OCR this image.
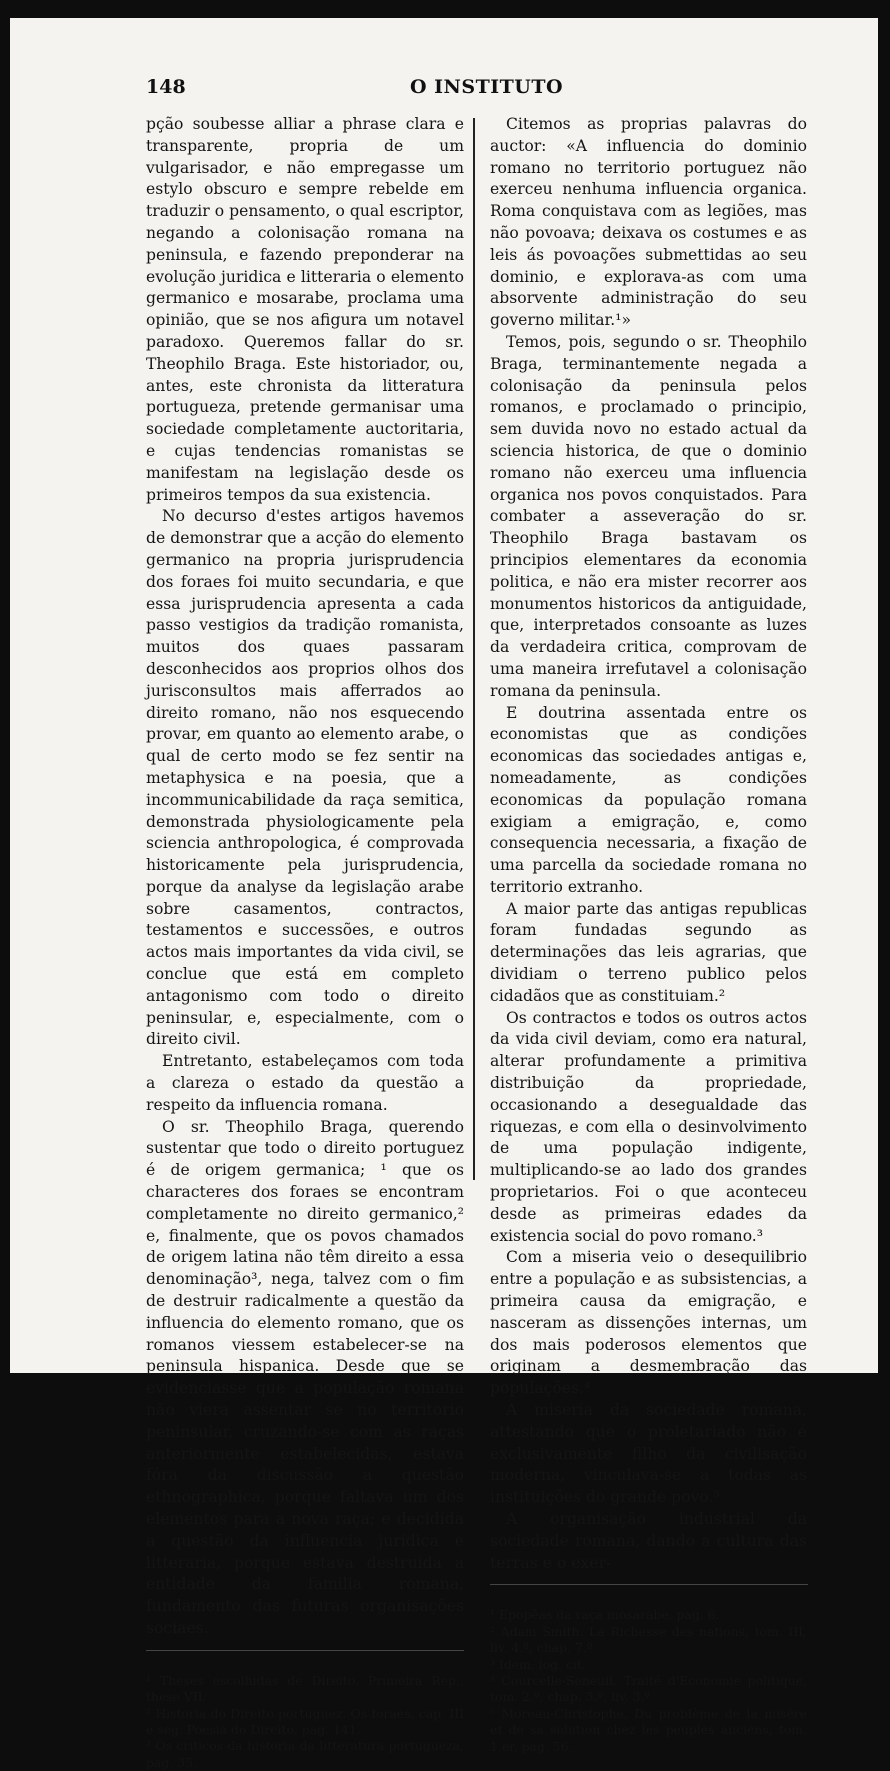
148	O INSTITUTO

pção soubesse alliar a phrase clara e transparente, propria de um vulgarisador, e não empregasse um estylo obscuro e sempre rebelde em traduzir o pensamento, o qual escriptor, negando a colonisação romana na peninsula, e fazendo preponderar na evolução juridica e litteraria o elemento germanico e mosarabe, proclama uma opinião, que se nos afigura um notavel paradoxo. Queremos fallar do sr. Theophilo Braga. Este historiador, ou, antes, este chronista da litteratura portugueza, pretende germanisar uma sociedade completamente auctoritaria, e cujas tendencias romanistas se manifestam na legislação desde os primeiros tempos da sua existencia.

No decurso d'estes artigos havemos de demonstrar que a acção do elemento germanico na propria jurisprudencia dos foraes foi muito secundaria, e que essa jurisprudencia apresenta a cada passo vestigios da tradição romanista, muitos dos quaes passaram desconhecidos aos proprios olhos dos jurisconsultos mais afferrados ao direito romano, não nos esquecendo provar, em quanto ao elemento arabe, o qual de certo modo se fez sentir na metaphysica e na poesia, que a incommunicabilidade da raça semitica, demonstrada physiologicamente pela sciencia anthropologica, é comprovada historicamente pela jurisprudencia, porque da analyse da legislação arabe sobre casamentos, contractos, testamentos e successões, e outros actos mais importantes da vida civil, se conclue que está em completo antagonismo com todo o direito peninsular, e, especialmente, com o direito civil.

Entretanto, estabeleçamos com toda a clareza o estado da questão a respeito da influencia romana.

O sr. Theophilo Braga, querendo sustentar que todo o direito portuguez é de origem germanica; ¹ que os characteres dos foraes se encontram completamente no direito germanico,² e, finalmente, que os povos chamados de origem latina não têm direito a essa denominação³, nega, talvez com o fim de destruir radicalmente a questão da influencia do elemento romano, que os romanos viessem estabelecer-se na peninsula hispanica. Desde que se evidenciasse que a população romana não viera assentar se no territorio peninsular, cruzando-se com as raças anteriormente estabelecidas, estava fóra da discussão a questão ethnographica, porque faltava um dos elementos para a nova raça; e decidida a questão da influencia juridica e litteraria, porque estava destruida a entidade da familia romana, fundamento das futuras organisações sociaes.

¹ Theses escolhidas de Direito. Primeira Rep., these VII.

² Historia do Direito portuguez. Os foraes, cap. III e seg. Poesia do Direito, pag. 141.

³ Os criticos da historia da litteratura portugueza, pag. 35.

Citemos as proprias palavras do auctor: «A influencia do dominio romano no territorio portuguez não exerceu nenhuma influencia organica. Roma conquistava com as legiões, mas não povoava; deixava os costumes e as leis ás povoações submettidas ao seu dominio, e explorava-as com uma absorvente administração do seu governo militar.¹»

Temos, pois, segundo o sr. Theophilo Braga, terminantemente negada a colonisação da peninsula pelos romanos, e proclamado o principio, sem duvida novo no estado actual da sciencia historica, de que o dominio romano não exerceu uma influencia organica nos povos conquistados. Para combater a asseveração do sr. Theophilo Braga bastavam os principios elementares da economia politica, e não era mister recorrer aos monumentos historicos da antiguidade, que, interpretados consoante as luzes da verdadeira critica, comprovam de uma maneira irrefutavel a colonisação romana da peninsula.

E doutrina assentada entre os economistas que as condições economicas das sociedades antigas e, nomeadamente, as condições economicas da população romana exigiam a emigração, e, como consequencia necessaria, a fixação de uma parcella da sociedade romana no territorio extranho.

A maior parte das antigas republicas foram fundadas segundo as determinações das leis agrarias, que dividiam o terreno publico pelos cidadãos que as constituiam.²

Os contractos e todos os outros actos da vida civil deviam, como era natural, alterar profundamente a primitiva distribuição da propriedade, occasionando a desegualdade das riquezas, e com ella o desinvolvimento de uma população indigente, multiplicando-se ao lado dos grandes proprietarios. Foi o que aconteceu desde as primeiras edades da existencia social do povo romano.³

Com a miseria veio o desequilibrio entre a população e as subsistencias, a primeira causa da emigração, e nasceram as dissenções internas, um dos mais poderosos elementos que originam a desmembração das populações.⁴

A miseria da sociedade romana, attestando que o proletariado não é exclusivamente filho da civilisação moderna, vinculava-se a todas as instituições do grande povo.⁵

A organisação industrial da sociedade romana, dando a cultura das terras e o exer-

¹ Epopêas da raça mosarabe, pag. 6.

² Adam Smith. La Richesse des nations, tom. III, liv. 4.º, chap. 7.º

³ Idem, log. cit.

⁴ Courcelle-Seneuil, Traité d'Economie politique, tom. 2.º, chap. 3.º, liv. 3.º

⁵ Moreau-Christophe, Du problème de la misère et de sa solution chez les peuples anciens, tom. 1.er, pag. 56.
